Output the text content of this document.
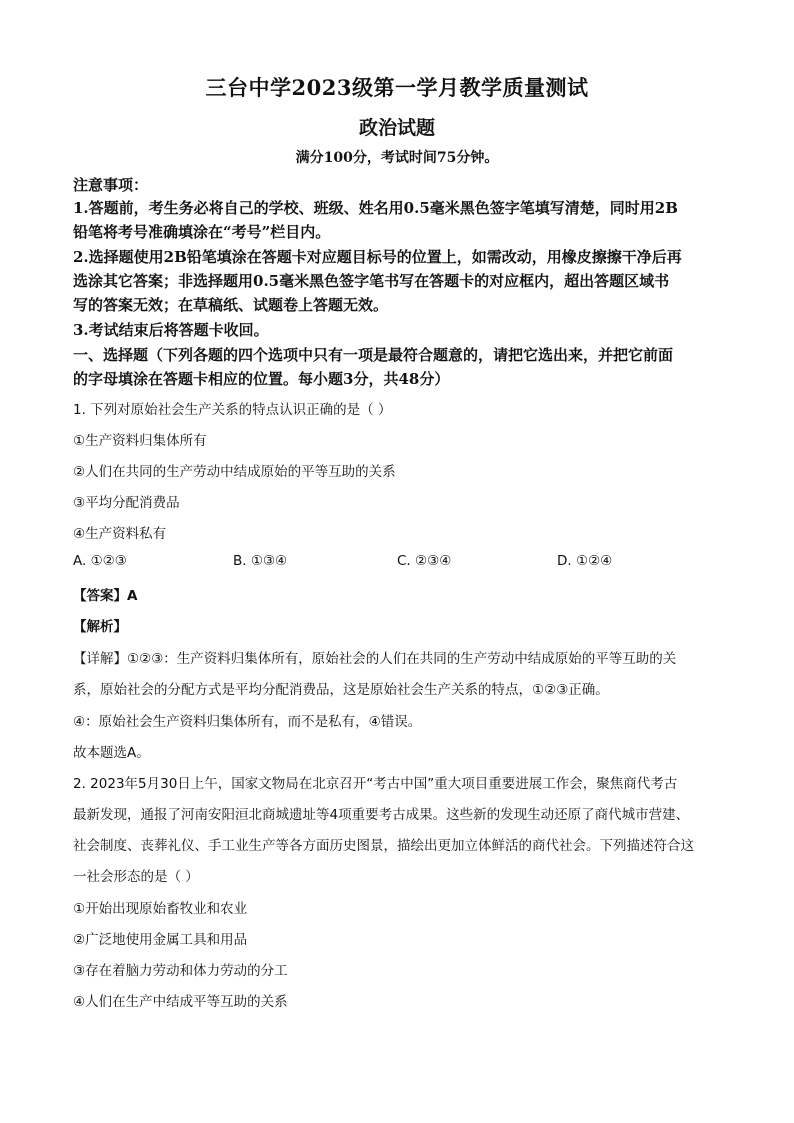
三台中学2023级第一学月教学质量测试
政治试题
满分100分，考试时间75分钟。
注意事项：
1.答题前，考生务必将自己的学校、班级、姓名用0.5毫米黑色签字笔填写清楚，同时用2B
铅笔将考号准确填涂在“考号”栏目内。
2.选择题使用2B铅笔填涂在答题卡对应题目标号的位置上，如需改动，用橡皮擦擦干净后再
选涂其它答案；非选择题用0.5毫米黑色签字笔书写在答题卡的对应框内，超出答题区域书
写的答案无效；在草稿纸、试题卷上答题无效。
3.考试结束后将答题卡收回。
一、选择题（下列各题的四个选项中只有一项是最符合题意的，请把它选出来，并把它前面
的字母填涂在答题卡相应的位置。每小题3分，共48分）
1. 下列对原始社会生产关系的特点认识正确的是（ ）
①生产资料归集体所有
②人们在共同的生产劳动中结成原始的平等互助的关系
③平均分配消费品
④生产资料私有
A. ①②③	B. ①③④	C. ②③④	D. ①②④
【答案】A
【解析】
【详解】①②③：生产资料归集体所有，原始社会的人们在共同的生产劳动中结成原始的平等互助的关
系，原始社会的分配方式是平均分配消费品，这是原始社会生产关系的特点，①②③正确。
④：原始社会生产资料归集体所有，而不是私有，④错误。
故本题选A。
2. 2023年5月30日上午，国家文物局在北京召开“考古中国”重大项目重要进展工作会，聚焦商代考古
最新发现，通报了河南安阳洹北商城遗址等4项重要考古成果。这些新的发现生动还原了商代城市营建、
社会制度、丧葬礼仪、手工业生产等各方面历史图景，描绘出更加立体鲜活的商代社会。下列描述符合这
一社会形态的是（ ）
①开始出现原始畜牧业和农业
②广泛地使用金属工具和用品
③存在着脑力劳动和体力劳动的分工
④人们在生产中结成平等互助的关系
